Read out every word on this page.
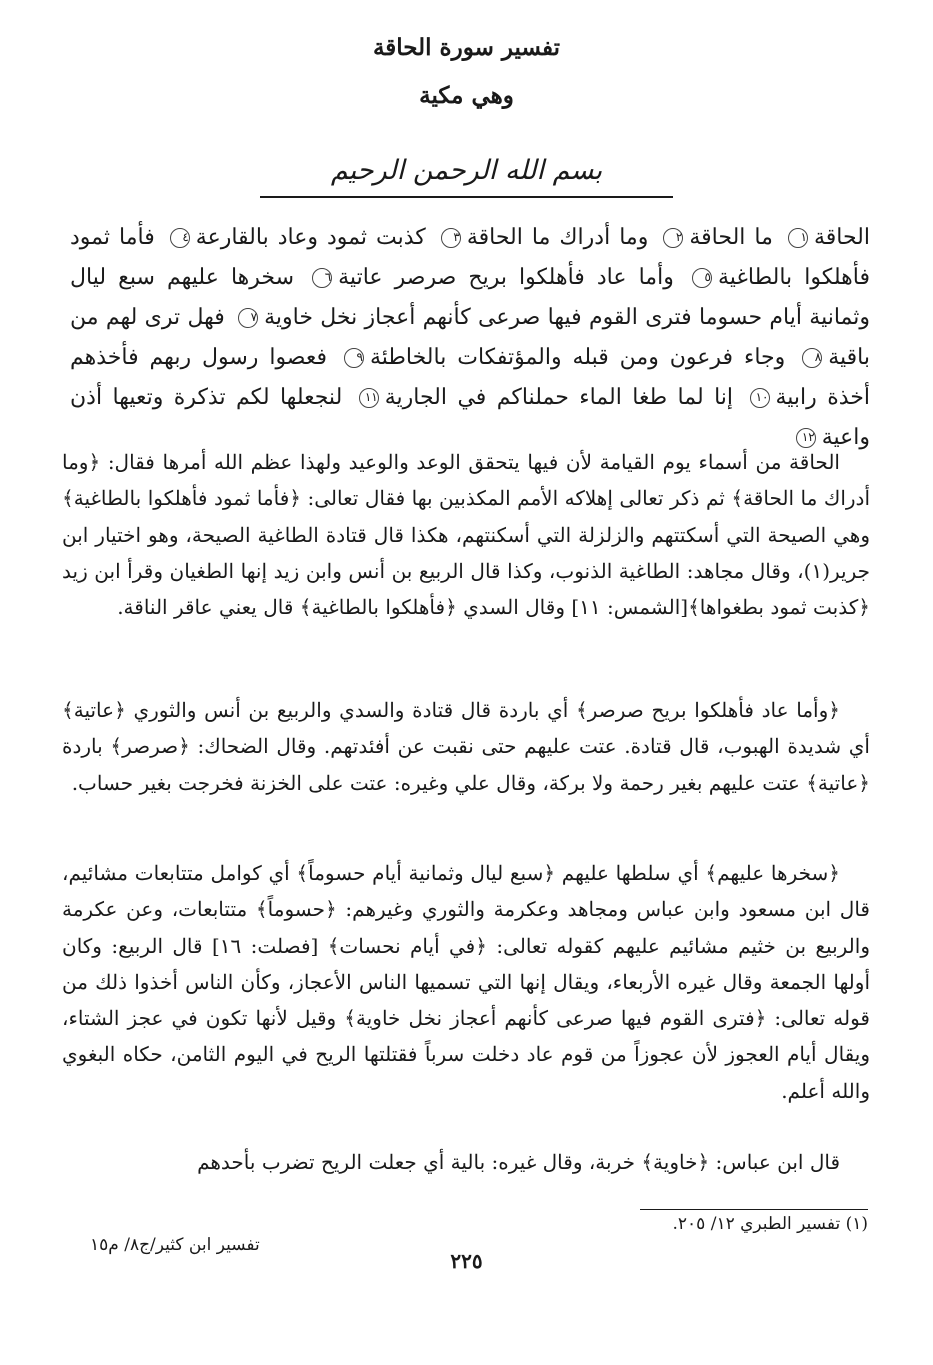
تفسير سورة الحاقة
وهي مكية
بسم الله الرحمن الرحيم
الحاقة١ ما الحاقة٢ وما أدراك ما الحاقة٣ كذبت ثمود وعاد بالقارعة٤ فأما ثمود فأهلكوا بالطاغية٥ وأما عاد فأهلكوا بريح صرصر عاتية٦ سخرها عليهم سبع ليال وثمانية أيام حسوما فترى القوم فيها صرعى كأنهم أعجاز نخل خاوية٧ فهل ترى لهم من باقية٨ وجاء فرعون ومن قبله والمؤتفكات بالخاطئة٩ فعصوا رسول ربهم فأخذهم أخذة رابية١٠ إنا لما طغا الماء حملناكم في الجارية١١ لنجعلها لكم تذكرة وتعيها أذن واعية١٢

الحاقة من أسماء يوم القيامة لأن فيها يتحقق الوعد والوعيد ولهذا عظم الله أمرها فقال: ﴿وما أدراك ما الحاقة﴾ ثم ذكر تعالى إهلاكه الأمم المكذبين بها فقال تعالى: ﴿فأما ثمود فأهلكوا بالطاغية﴾ وهي الصيحة التي أسكتتهم والزلزلة التي أسكنتهم، هكذا قال قتادة الطاغية الصيحة، وهو اختيار ابن جرير(١)، وقال مجاهد: الطاغية الذنوب، وكذا قال الربيع بن أنس وابن زيد إنها الطغيان وقرأ ابن زيد ﴿كذبت ثمود بطغواها﴾[الشمس: ١١] وقال السدي ﴿فأهلكوا بالطاغية﴾ قال يعني عاقر الناقة.

﴿وأما عاد فأهلكوا بريح صرصر﴾ أي باردة قال قتادة والسدي والربيع بن أنس والثوري ﴿عاتية﴾ أي شديدة الهبوب، قال قتادة. عتت عليهم حتى نقبت عن أفئدتهم. وقال الضحاك: ﴿صرصر﴾ باردة ﴿عاتية﴾ عتت عليهم بغير رحمة ولا بركة، وقال علي وغيره: عتت على الخزنة فخرجت بغير حساب.

﴿سخرها عليهم﴾ أي سلطها عليهم ﴿سبع ليال وثمانية أيام حسوماً﴾ أي كوامل متتابعات مشائيم، قال ابن مسعود وابن عباس ومجاهد وعكرمة والثوري وغيرهم: ﴿حسوماً﴾ متتابعات، وعن عكرمة والربيع بن خثيم مشائيم عليهم كقوله تعالى: ﴿في أيام نحسات﴾ [فصلت: ١٦] قال الربيع: وكان أولها الجمعة وقال غيره الأربعاء، ويقال إنها التي تسميها الناس الأعجاز، وكأن الناس أخذوا ذلك من قوله تعالى: ﴿فترى القوم فيها صرعى كأنهم أعجاز نخل خاوية﴾ وقيل لأنها تكون في عجز الشتاء، ويقال أيام العجوز لأن عجوزاً من قوم عاد دخلت سرباً فقتلتها الريح في اليوم الثامن، حكاه البغوي والله أعلم.

قال ابن عباس: ﴿خاوية﴾ خربة، وقال غيره: بالية أي جعلت الريح تضرب بأحدهم

(١) تفسير الطبري ١٢/ ٢٠٥.
تفسير ابن كثير/ج٨/ م١٥
٢٢٥
